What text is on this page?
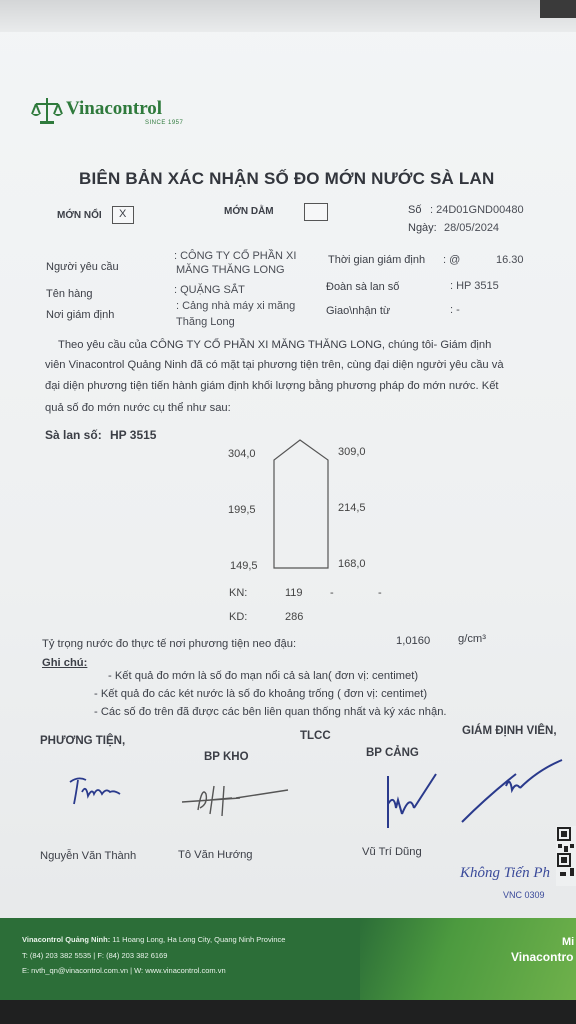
Vinacontrol
SINCE 1957
BIÊN BẢN XÁC NHẬN SỐ ĐO MỚN NƯỚC SÀ LAN
MỚN NỔI X	MỚN DẰM	Số : 24D01GND00480
Ngày: 28/05/2024
Người yêu cầu
: CÔNG TY CỔ PHẦN XI
MĂNG THĂNG LONG
Thời gian giám định : @	16.30
Tên hàng	: QUẶNG SẮT	Đoàn sà lan số	: HP 3515
Nơi giám định
: Cảng nhà máy xi măng
Thăng Long
Giao\nhận từ	: -
Theo yêu cầu của CÔNG TY CỔ PHẦN XI MĂNG THĂNG LONG, chúng tôi- Giám định
viên Vinacontrol Quảng Ninh đã có mặt tại phương tiện trên, cùng đại diện người yêu cầu và
đại diện phương tiện tiến hành giám định khối lượng bằng phương pháp đo mớn nước. Kết
quả số đo mớn nước cụ thể như sau:
Sà lan số: HP 3515
304,0	309,0
199,5	214,5
149,5	168,0
KN:	119 -	-
KD:	286
Tỷ trọng nước đo thực tế nơi phương tiện neo đậu:	1,0160 g/cm³
Ghi chú:
- Kết quả đo mớn là số đo mạn nổi cả sà lan( đơn vị: centimet)
- Kết quả đo các két nước là số đo khoảng trống ( đơn vị: centimet)
- Các số đo trên đã được các bên liên quan thống nhất và ký xác nhận.
PHƯƠNG TIỆN,	TLCC	GIÁM ĐỊNH VIÊN,
BP KHO	BP CẢNG
Nguyễn Văn Thành	Tô Văn Hướng	Vũ Trí Dũng
Không Tiến Ph
VNC 0309
Vinacontrol Quảng Ninh: 11 Hoang Long, Ha Long City, Quang Ninh Province
T: (84) 203 382 5535 | F: (84) 203 382 6169
E: nvth_qn@vinacontrol.com.vn | W: www.vinacontrol.com.vn
Mi
Vinacontro
